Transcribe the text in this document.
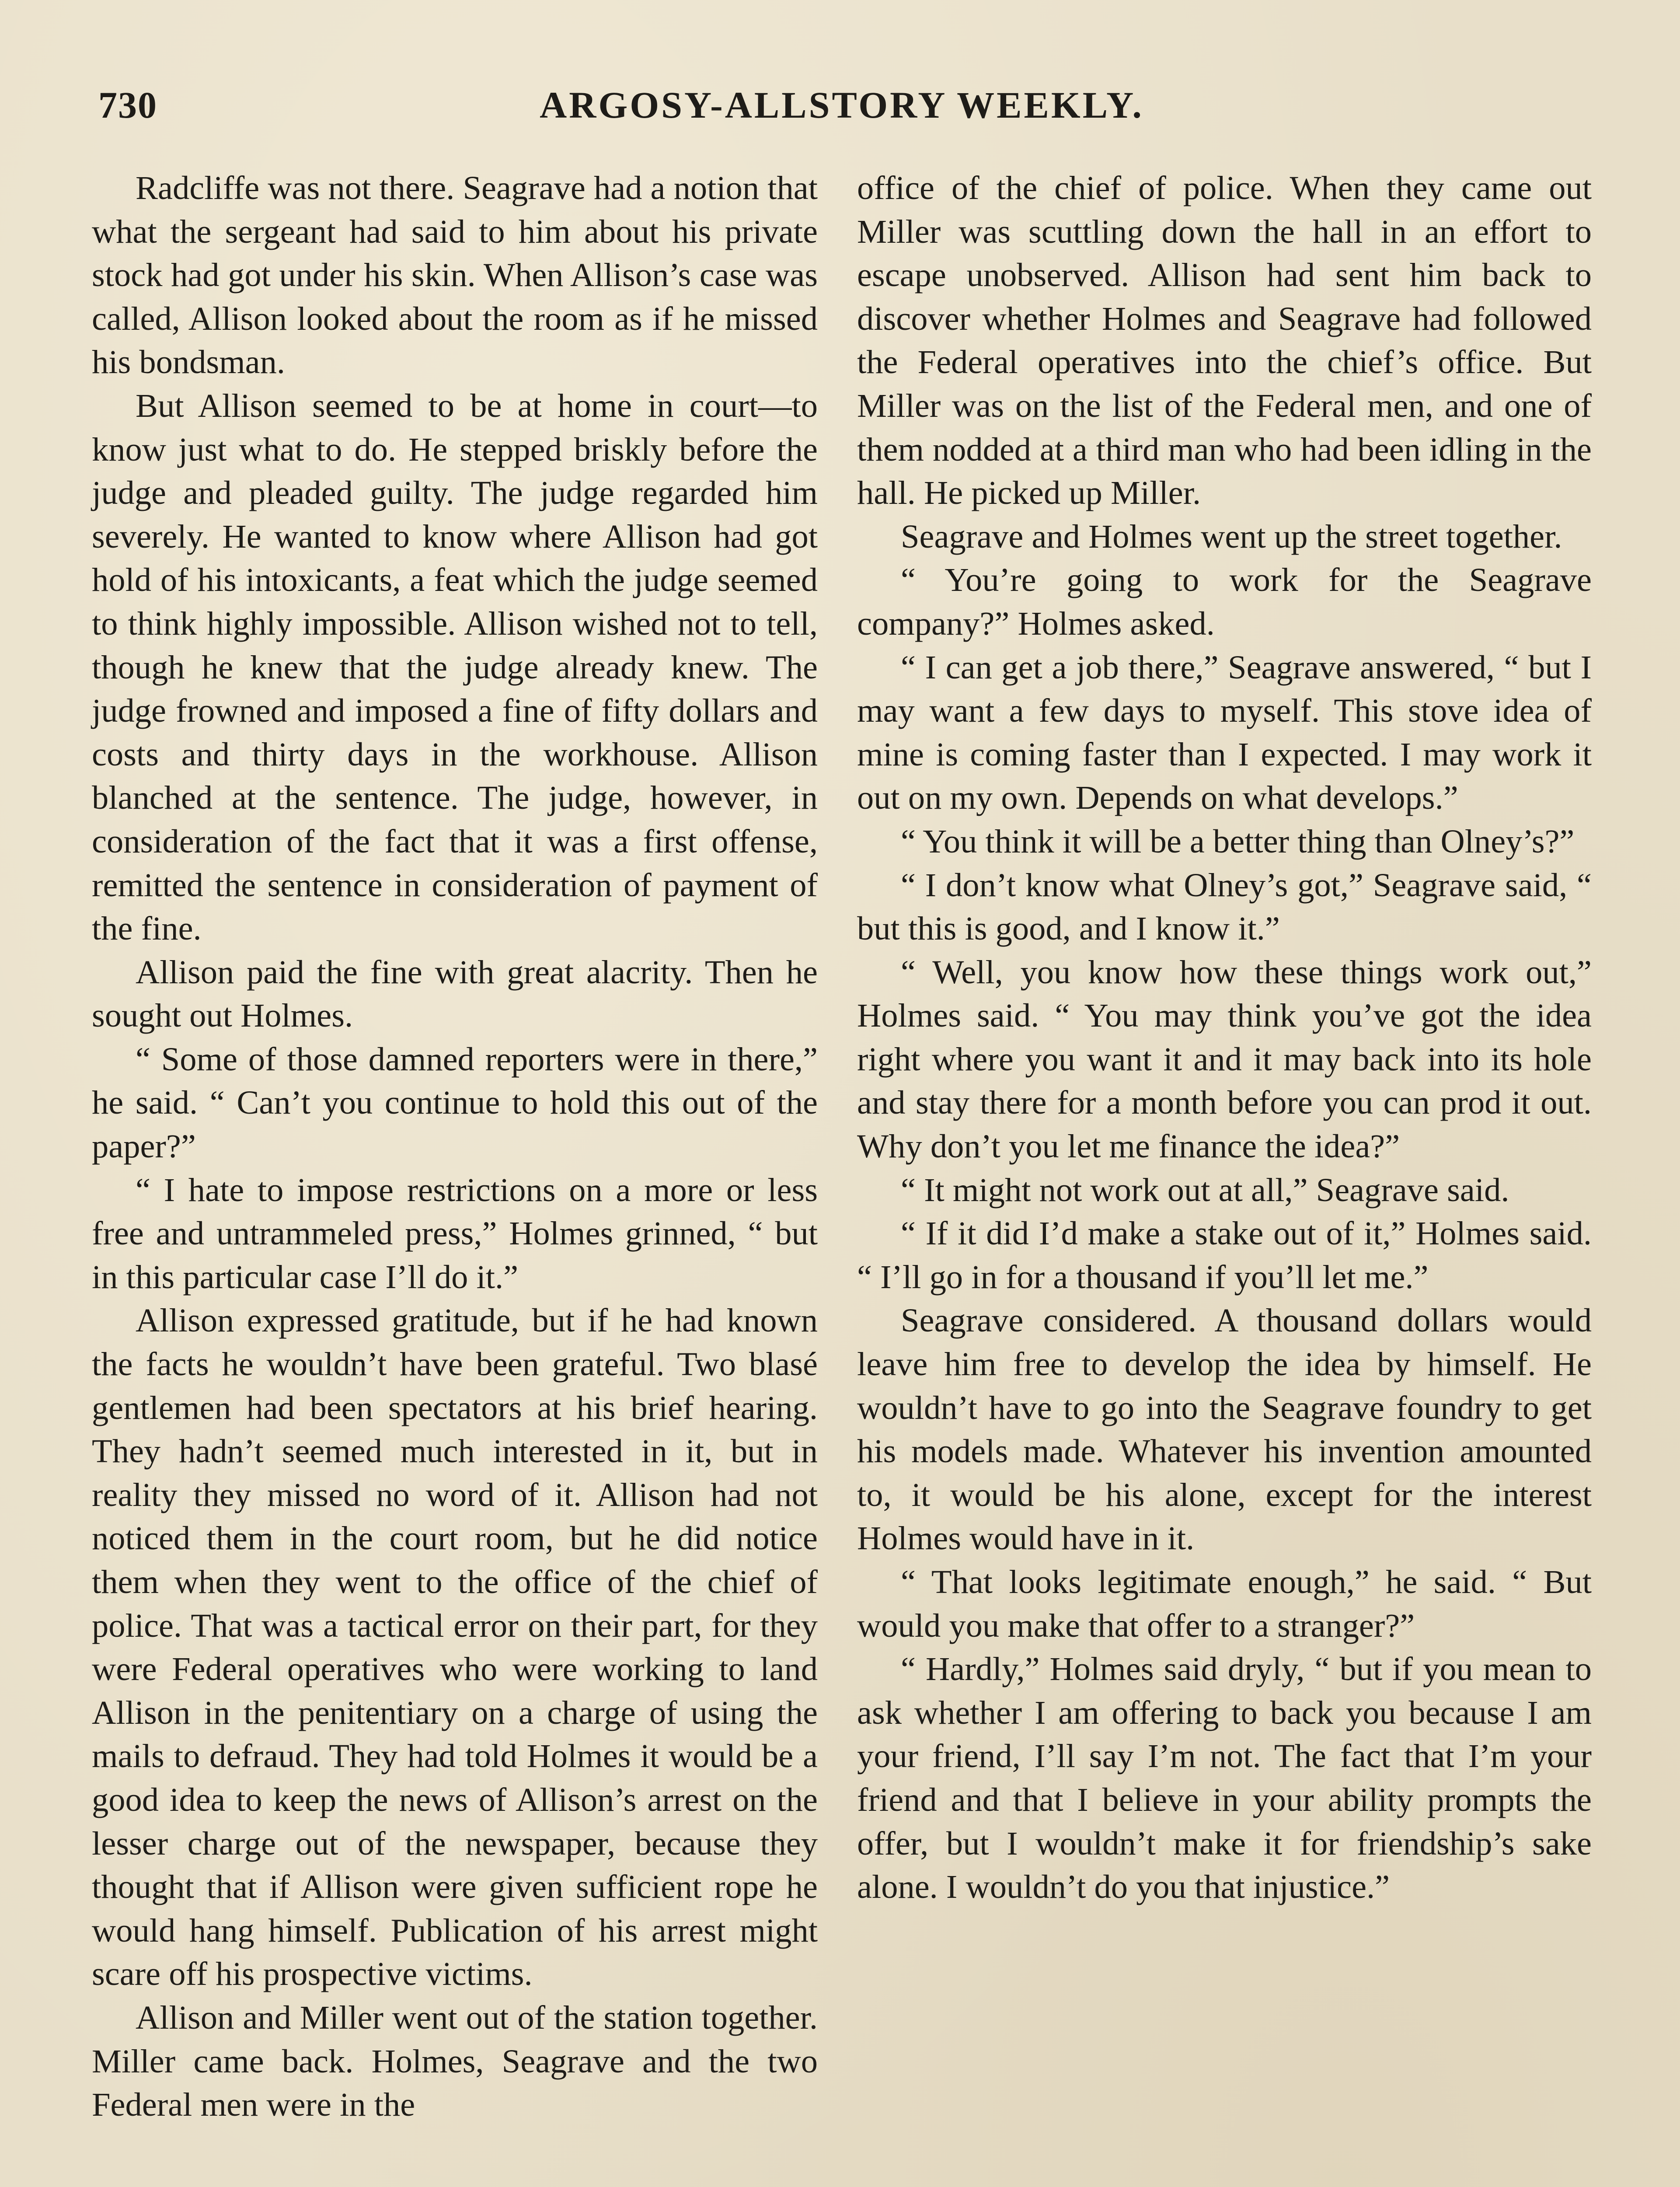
730	ARGOSY-ALLSTORY WEEKLY.

Radcliffe was not there. Seagrave had a notion that what the sergeant had said to him about his private stock had got under his skin. When Allison’s case was called, Allison looked about the room as if he missed his bondsman.

But Allison seemed to be at home in court—to know just what to do. He stepped briskly before the judge and pleaded guilty. The judge regarded him severely. He wanted to know where Allison had got hold of his intoxicants, a feat which the judge seemed to think highly impossible. Allison wished not to tell, though he knew that the judge already knew. The judge frowned and imposed a fine of fifty dollars and costs and thirty days in the workhouse. Allison blanched at the sentence. The judge, however, in consideration of the fact that it was a first offense, remitted the sentence in consideration of payment of the fine.

Allison paid the fine with great alacrity. Then he sought out Holmes.

“ Some of those damned reporters were in there,” he said. “ Can’t you continue to hold this out of the paper?”

“ I hate to impose restrictions on a more or less free and untrammeled press,” Holmes grinned, “ but in this particular case I’ll do it.”

Allison expressed gratitude, but if he had known the facts he wouldn’t have been grateful. Two blasé gentlemen had been spectators at his brief hearing. They hadn’t seemed much interested in it, but in reality they missed no word of it. Allison had not noticed them in the court room, but he did notice them when they went to the office of the chief of police. That was a tactical error on their part, for they were Federal operatives who were working to land Allison in the penitentiary on a charge of using the mails to defraud. They had told Holmes it would be a good idea to keep the news of Allison’s arrest on the lesser charge out of the newspaper, because they thought that if Allison were given sufficient rope he would hang himself. Publication of his arrest might scare off his prospective victims.

Allison and Miller went out of the station together. Miller came back. Holmes, Seagrave and the two Federal men were in the

office of the chief of police. When they came out Miller was scuttling down the hall in an effort to escape unobserved. Allison had sent him back to discover whether Holmes and Seagrave had followed the Federal operatives into the chief’s office. But Miller was on the list of the Federal men, and one of them nodded at a third man who had been idling in the hall. He picked up Miller.

Seagrave and Holmes went up the street together.

“ You’re going to work for the Seagrave company?” Holmes asked.

“ I can get a job there,” Seagrave answered, “ but I may want a few days to myself. This stove idea of mine is coming faster than I expected. I may work it out on my own. Depends on what develops.”

“ You think it will be a better thing than Olney’s?”

“ I don’t know what Olney’s got,” Seagrave said, “ but this is good, and I know it.”

“ Well, you know how these things work out,” Holmes said. “ You may think you’ve got the idea right where you want it and it may back into its hole and stay there for a month before you can prod it out. Why don’t you let me finance the idea?”

“ It might not work out at all,” Seagrave said.

“ If it did I’d make a stake out of it,” Holmes said. “ I’ll go in for a thousand if you’ll let me.”

Seagrave considered. A thousand dollars would leave him free to develop the idea by himself. He wouldn’t have to go into the Seagrave foundry to get his models made. Whatever his invention amounted to, it would be his alone, except for the interest Holmes would have in it.

“ That looks legitimate enough,” he said. “ But would you make that offer to a stranger?”

“ Hardly,” Holmes said dryly, “ but if you mean to ask whether I am offering to back you because I am your friend, I’ll say I’m not. The fact that I’m your friend and that I believe in your ability prompts the offer, but I wouldn’t make it for friendship’s sake alone. I wouldn’t do you that injustice.”
